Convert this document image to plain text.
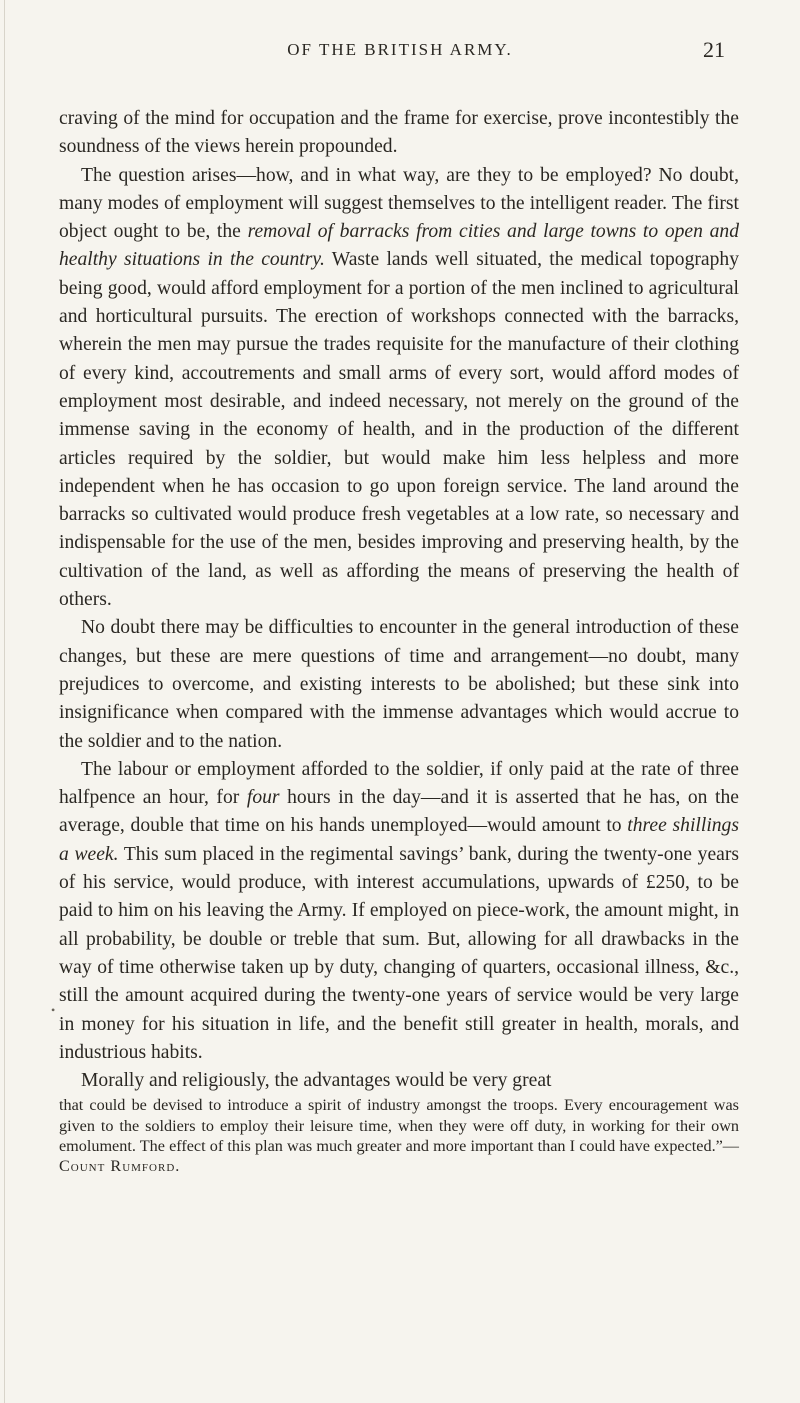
OF THE BRITISH ARMY.	21
•

craving of the mind for occupation and the frame for exercise, prove incontestibly the soundness of the views herein propounded.

The question arises—how, and in what way, are they to be employed? No doubt, many modes of employment will suggest themselves to the intelligent reader. The first object ought to be, the removal of barracks from cities and large towns to open and healthy situations in the country. Waste lands well situated, the medical topography being good, would afford employment for a portion of the men inclined to agricultural and horticultural pursuits. The erection of workshops connected with the barracks, wherein the men may pursue the trades requisite for the manufacture of their clothing of every kind, accoutrements and small arms of every sort, would afford modes of employment most desirable, and indeed necessary, not merely on the ground of the immense saving in the economy of health, and in the production of the different articles required by the soldier, but would make him less helpless and more independent when he has occasion to go upon foreign service. The land around the barracks so cultivated would produce fresh vegetables at a low rate, so necessary and indispensable for the use of the men, besides improving and preserving health, by the cultivation of the land, as well as affording the means of preserving the health of others.

No doubt there may be difficulties to encounter in the general introduction of these changes, but these are mere questions of time and arrangement—no doubt, many prejudices to overcome, and existing interests to be abolished; but these sink into insignificance when compared with the immense advantages which would accrue to the soldier and to the nation.

The labour or employment afforded to the soldier, if only paid at the rate of three halfpence an hour, for four hours in the day—and it is asserted that he has, on the average, double that time on his hands unemployed—would amount to three shillings a week. This sum placed in the regimental savings’ bank, during the twenty-one years of his service, would produce, with interest accumulations, upwards of £250, to be paid to him on his leaving the Army. If employed on piece-work, the amount might, in all probability, be double or treble that sum. But, allowing for all drawbacks in the way of time otherwise taken up by duty, changing of quarters, occasional illness, &c., still the amount acquired during the twenty-one years of service would be very large in money for his situation in life, and the benefit still greater in health, morals, and industrious habits.

Morally and religiously, the advantages would be very great

that could be devised to introduce a spirit of industry amongst the troops. Every encouragement was given to the soldiers to employ their leisure time, when they were off duty, in working for their own emolument. The effect of this plan was much greater and more important than I could have expected.”—Count Rumford.
